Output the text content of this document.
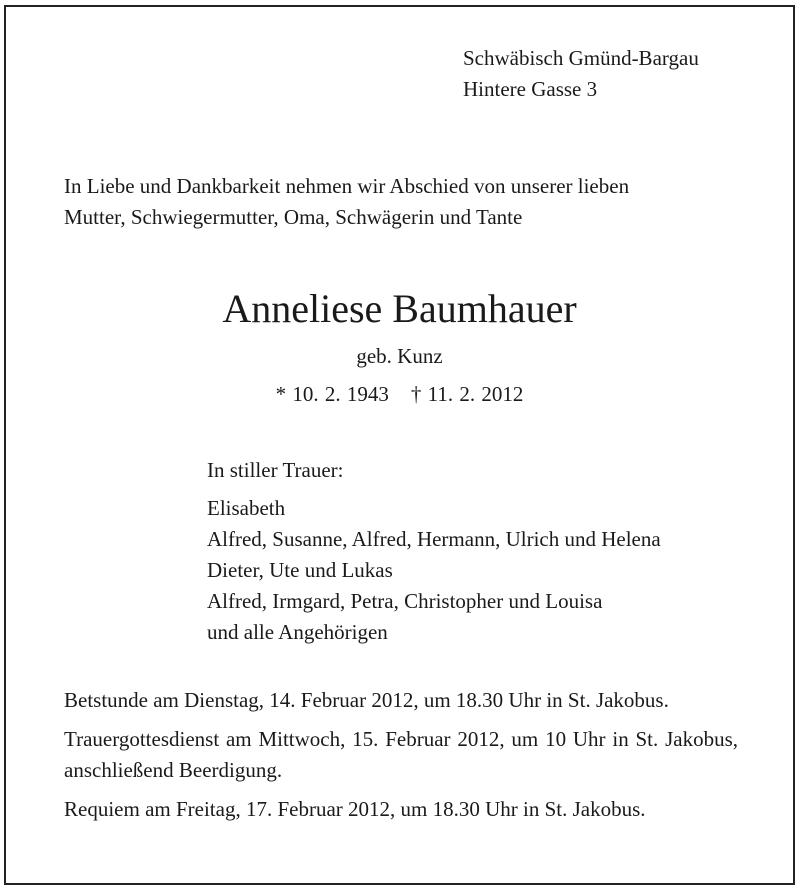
Schwäbisch Gmünd-Bargau
Hintere Gasse 3
In Liebe und Dankbarkeit nehmen wir Abschied von unserer lieben
Mutter, Schwiegermutter, Oma, Schwägerin und Tante
Anneliese Baumhauer
geb. Kunz
* 10. 2. 1943 † 11. 2. 2012
In stiller Trauer:
Elisabeth
Alfred, Susanne, Alfred, Hermann, Ulrich und Helena
Dieter, Ute und Lukas
Alfred, Irmgard, Petra, Christopher und Louisa
und alle Angehörigen

Betstunde am Dienstag, 14. Februar 2012, um 18.30 Uhr in St. Jakobus.

Trauergottesdienst am Mittwoch, 15. Februar 2012, um 10 Uhr in St. Jakobus, anschließend Beerdigung.

Requiem am Freitag, 17. Februar 2012, um 18.30 Uhr in St. Jakobus.
